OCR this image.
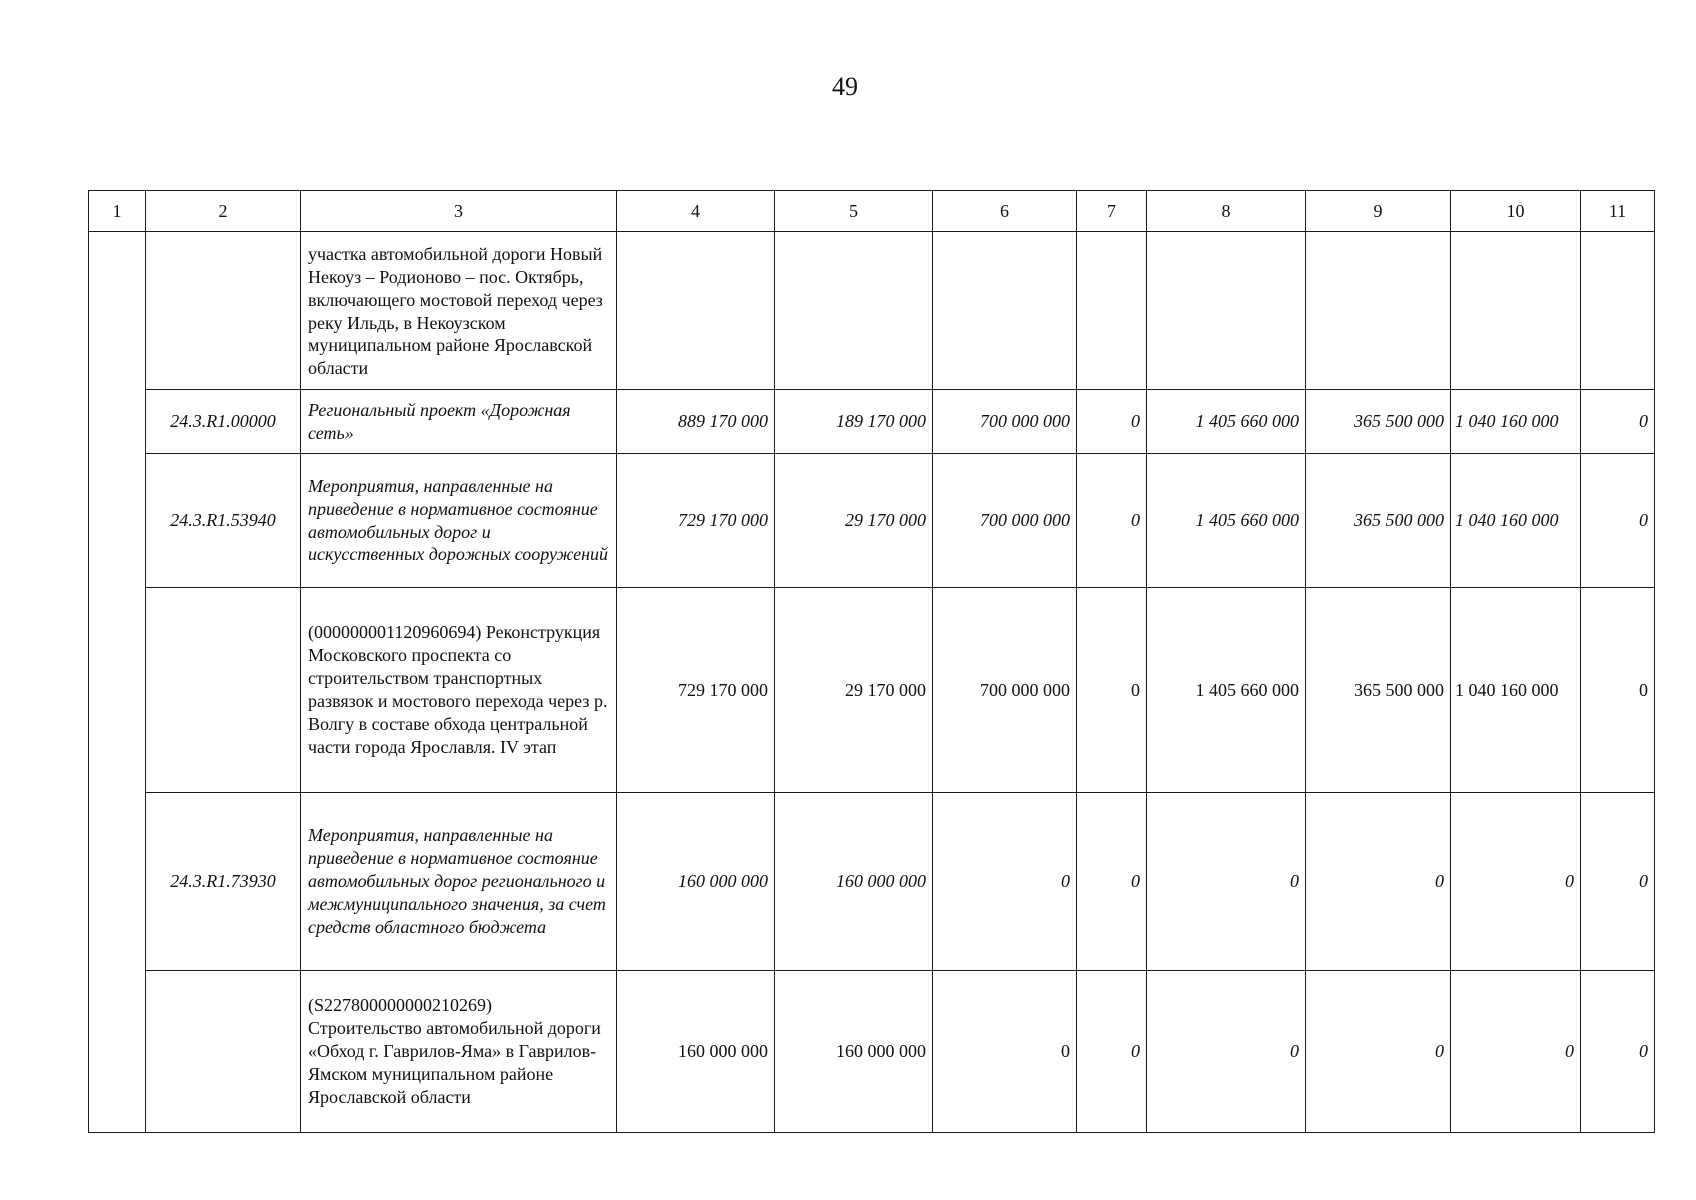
49
1	2	3	4	5	6	7	8	9	10	11
		участка автомобильной дороги Новый Некоуз – Родионово – пос. Октябрь, включающего мостовой переход через реку Ильдь, в Некоузском муниципальном районе Ярославской области								
	24.3.R1.00000	Региональный проект «Дорожная сеть»	889 170 000	189 170 000	700 000 000	0	1 405 660 000	365 500 000	1 040 160 000	0
	24.3.R1.53940	Мероприятия, направленные на приведение в нормативное состояние автомобильных дорог и искусственных дорожных сооружений	729 170 000	29 170 000	700 000 000	0	1 405 660 000	365 500 000	1 040 160 000	0
		(000000001120960694) Реконструкция Московского проспекта со строительством транспортных развязок и мостового перехода через р. Волгу в составе обхода центральной части города Ярославля. IV этап	729 170 000	29 170 000	700 000 000	0	1 405 660 000	365 500 000	1 040 160 000	0
	24.3.R1.73930	Мероприятия, направленные на приведение в нормативное состояние автомобильных дорог регионального и межмуниципального значения, за счет средств областного бюджета	160 000 000	160 000 000	0	0	0	0	0	0
		(S227800000000210269) Строительство автомобильной дороги «Обход г. Гаврилов-Яма» в Гаврилов-Ямском муниципальном районе Ярославской области	160 000 000	160 000 000	0	0	0	0	0	0
